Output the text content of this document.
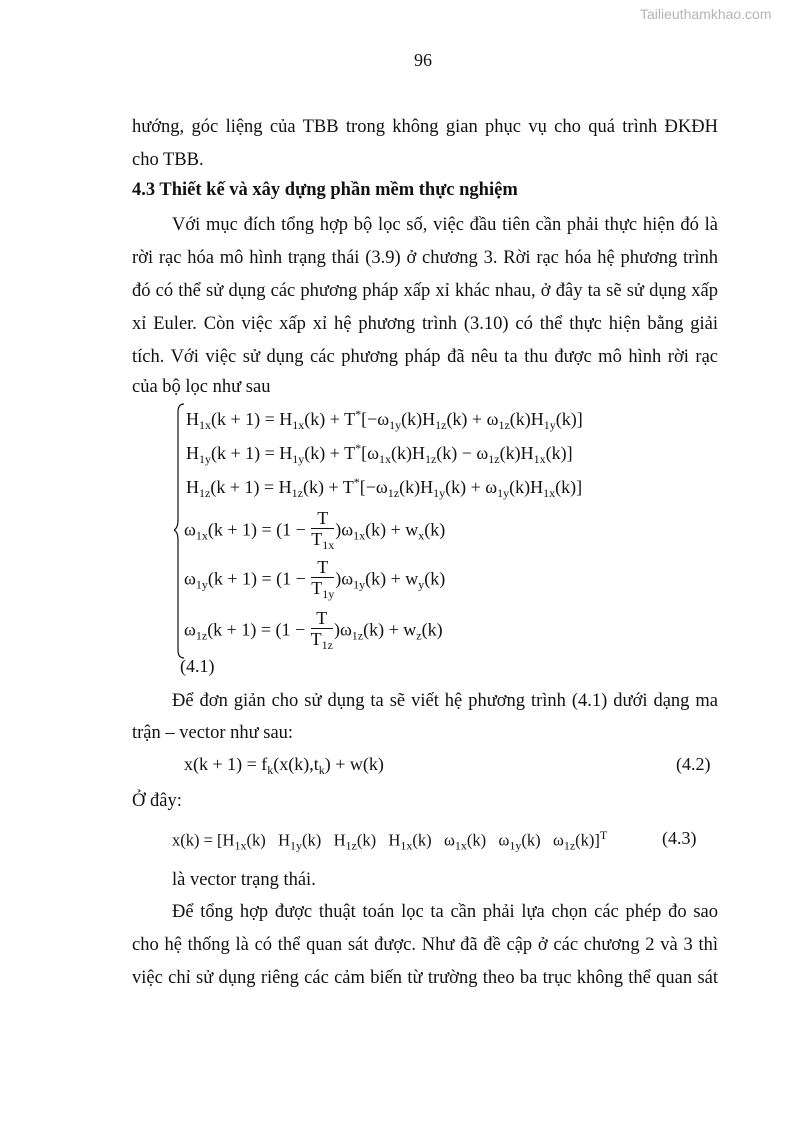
Tailieuthamkhao.com
96
hướng, góc liệng của TBB trong không gian phục vụ cho quá trình ĐKĐH
cho TBB.
4.3 Thiết kế và xây dựng phần mềm thực nghiệm
Với mục đích tổng hợp bộ lọc số, việc đầu tiên cần phải thực hiện đó là
rời rạc hóa mô hình trạng thái (3.9) ở chương 3. Rời rạc hóa hệ phương trình
đó có thể sử dụng các phương pháp xấp xỉ khác nhau, ở đây ta sẽ sử dụng xấp
xỉ Euler. Còn việc xấp xỉ hệ phương trình (3.10) có thể thực hiện bằng giải
tích. Với việc sử dụng các phương pháp đã nêu ta thu được mô hình rời rạc
của bộ lọc như sau
$H_{1x}(k + 1) = H_{1x}(k) + T^*[-\omega_{1y}(k)H_{1z}(k) + \omega_{1z}(k)H_{1y}(k)]$
$H_{1y}(k + 1) = H_{1y}(k) + T^*[\omega_{1x}(k)H_{1z}(k) - \omega_{1z}(k)H_{1x}(k)]$
$H_{1z}(k + 1) = H_{1z}(k) + T^*[-\omega_{1z}(k)H_{1y}(k) + \omega_{1y}(k)H_{1x}(k)]$
$\omega_{1x}(k + 1) = (1 - \frac{T}{T_{1x}} )\omega_{1x}(k) + w_x(k)$
$\omega_{1y}(k + 1) = (1 - \frac{T}{T_{1y}} )\omega_{1y}(k) + w_y(k)$
$\omega_{1z}(k + 1) = (1 - \frac{T}{T_{1z}} )\omega_{1z}(k) + w_z(k)$
(4.1)
Để đơn giản cho sử dụng ta sẽ viết hệ phương trình (4.1) dưới dạng ma
trận – vector như sau:
$x(k + 1) = f_k(x(k),t_k) + w(k)$	(4.2)
Ở đây:
$x(k) = [H_{1x}(k)$   $H_{1y}(k)$   $H_{1z}(k)$   $H_{1x}(k)$   $\omega_{1x}(k)$   $\omega_{1y}(k)$   $\omega_{1z}(k)]^T$	(4.3)
là vector trạng thái.
Để tổng hợp được thuật toán lọc ta cần phải lựa chọn các phép đo sao
cho hệ thống là có thể quan sát được. Như đã đề cập ở các chương 2 và 3 thì
việc chỉ sử dụng riêng các cảm biến từ trường theo ba trục không thể quan sát
